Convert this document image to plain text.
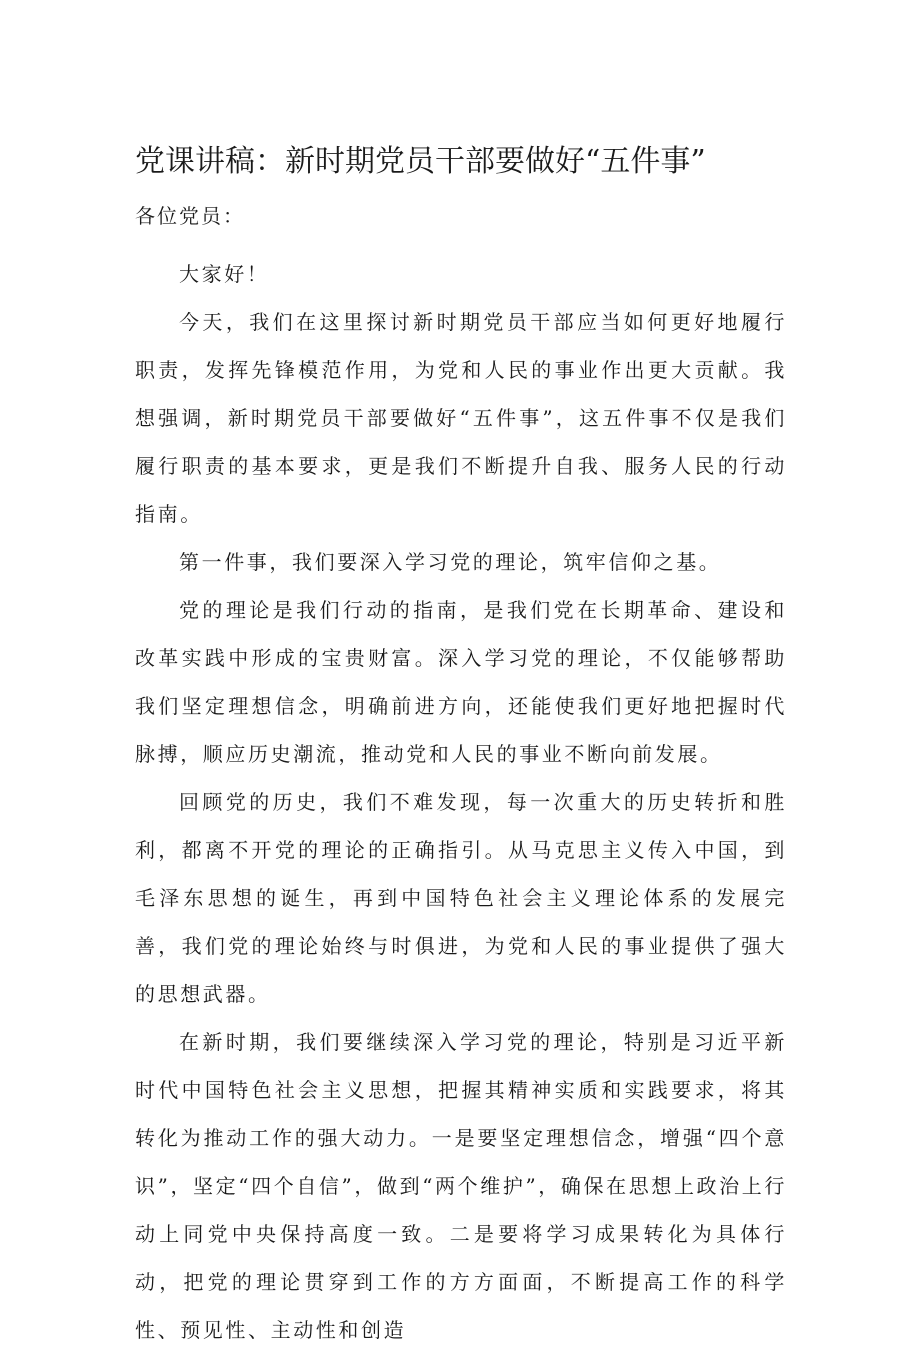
党课讲稿：新时期党员干部要做好“五件事”

各位党员：

大家好！

今天，我们在这里探讨新时期党员干部应当如何更好地履行职责，发挥先锋模范作用，为党和人民的事业作出更大贡献。我想强调，新时期党员干部要做好“五件事”，这五件事不仅是我们履行职责的基本要求，更是我们不断提升自我、服务人民的行动指南。

第一件事，我们要深入学习党的理论，筑牢信仰之基。

党的理论是我们行动的指南，是我们党在长期革命、建设和改革实践中形成的宝贵财富。深入学习党的理论，不仅能够帮助我们坚定理想信念，明确前进方向，还能使我们更好地把握时代脉搏，顺应历史潮流，推动党和人民的事业不断向前发展。

回顾党的历史，我们不难发现，每一次重大的历史转折和胜利，都离不开党的理论的正确指引。从马克思主义传入中国，到毛泽东思想的诞生，再到中国特色社会主义理论体系的发展完善，我们党的理论始终与时俱进，为党和人民的事业提供了强大的思想武器。

在新时期，我们要继续深入学习党的理论，特别是习近平新时代中国特色社会主义思想，把握其精神实质和实践要求，将其转化为推动工作的强大动力。一是要坚定理想信念，增强“四个意识”，坚定“四个自信”，做到“两个维护”，确保在思想上政治上行动上同党中央保持高度一致。二是要将学习成果转化为具体行动，把党的理论贯穿到工作的方方面面，不断提高工作的科学性、预见性、主动性和创造
